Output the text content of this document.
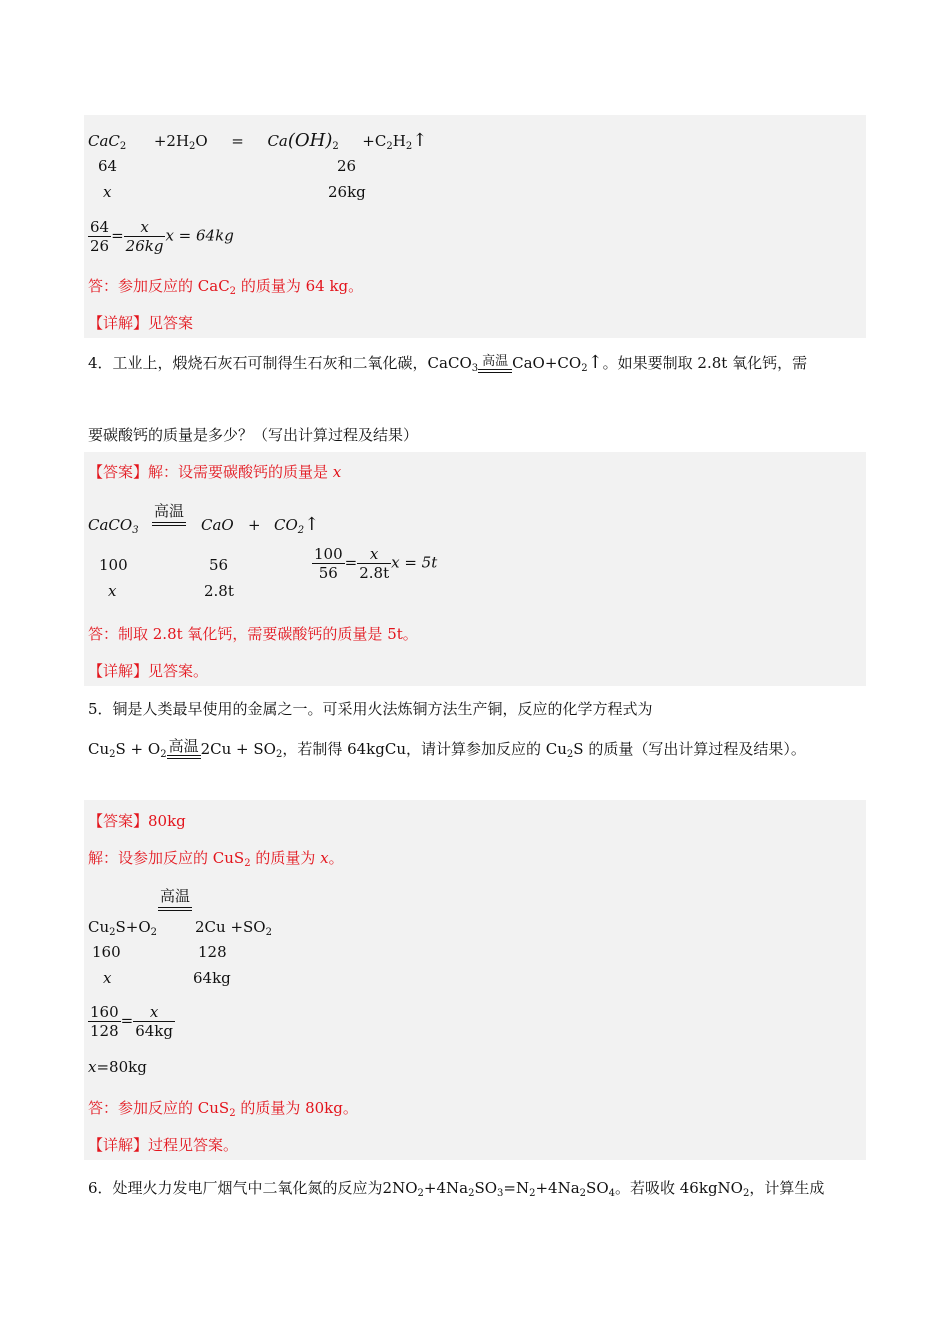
$CaC_2 +2H_2O = Ca(OH)_2$ $+C_2H_2↑$
64	26
x	26kg
$\frac{64}{26} = \frac{x}{26kg}$ x = 64kg
答：参加反应的 CaC$_2$ 的质量为 64 kg。
【详解】见答案
4．工业上，煅烧石灰石可制得生石灰和二氧化碳，CaCO$_3$ 高温 $CaO+CO_2↑$。如果要制取 2.8t 氧化钙，需
要碳酸钙的质量是多少？（写出计算过程及结果）
【答案】解：设需要碳酸钙的质量是 x
CaCO$_3$
高温
CaO + $CO_2↑$
100	56
x	2.8t
$\frac{100}{56} = \frac{x}{2.8t}$ x = 5t
答：制取 2.8t 氧化钙，需要碳酸钙的质量是 5t。
【详解】见答案。
5．铜是人类最早使用的金属之一。可采用火法炼铜方法生产铜，反应的化学方程式为
$Cu_2S + O_2$ 高温 $2Cu + SO_2$，若制得 64kgCu，请计算参加反应的 $Cu_2S$ 的质量（写出计算过程及结果）。
【答案】80kg
解：设参加反应的 CuS$_2$ 的质量为 x。
高温
$Cu_2S+O_2$	$2Cu +SO_2$
160	128
x	64kg
$\frac{160}{128} = \frac{x}{64kg}$
x=80kg
答：参加反应的 CuS$_2$ 的质量为 80kg。
【详解】过程见答案。
6．处理火力发电厂烟气中二氧化氮的反应为$2NO_2+4Na_2SO_3=N_2+4Na_2SO_4$。若吸收 46kgNO$_2$，计算生成
